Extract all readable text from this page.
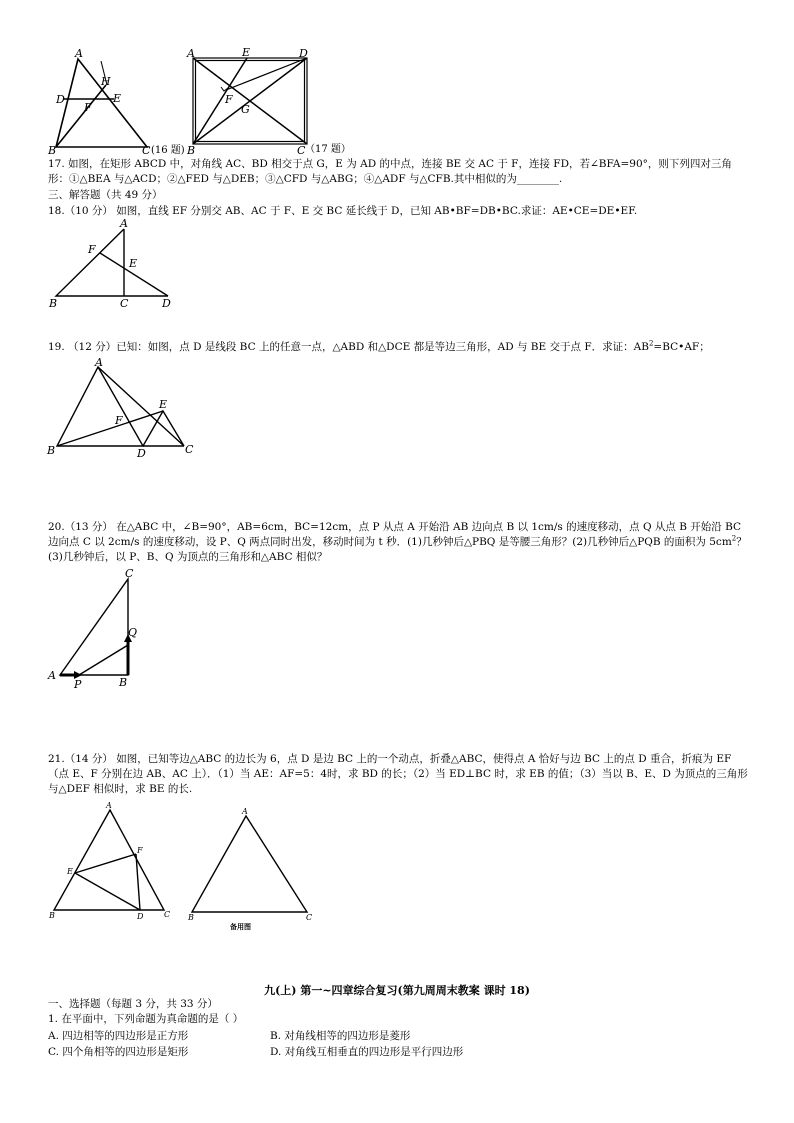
A
H
D	E
F
B	C (16 题)
A	E	D
F
G
B	C （17 题）

17. 如图，在矩形 ABCD 中，对角线 AC、BD 相交于点 G，E 为 AD 的中点，连接 BE 交 AC 于 F，连接 FD，若∠BFA=90°，则下列四对三角形：①△BEA 与△ACD；②△FED 与△DEB；③△CFD 与△ABG；④△ADF 与△CFB.其中相似的为________.

三、解答题（共 49 分）

18.（10 分） 如图，直线 EF 分别交 AB、AC 于 F、E 交 BC 延长线于 D，已知 AB•BF=DB•BC.求证：AE•CE=DE•EF.

A
F
E
B	C	D

19. （12 分）已知：如图，点 D 是线段 BC 上的任意一点，△ABD 和△DCE 都是等边三角形，AD 与 BE 交于点 F．求证：$AB^2=BC•AF$；

A
E
F
B	D	C

20.（13 分） 在△ABC 中，∠B=90°，AB=6cm，BC=12cm，点 P 从点 A 开始沿 AB 边向点 B 以 1cm/s 的速度移动，点 Q 从点 B 开始沿 BC 边向点 C 以 2cm/s 的速度移动，设 P、Q 两点同时出发，移动时间为 t 秒．(1)几秒钟后△PBQ 是等腰三角形？(2)几秒钟后△PQB 的面积为 $5cm^2$？(3)几秒钟后，以 P、B、Q 为顶点的三角形和△ABC 相似？

C
Q
A
P	B

21.（14 分） 如图，已知等边△ABC 的边长为 6，点 D 是边 BC 上的一个动点，折叠△ABC，使得点 A 恰好与边 BC 上的点 D 重合，折痕为 EF（点 E、F 分别在边 AB、AC 上）．（1）当 AE：AF=5：4时，求 BD 的长；（2）当 ED⊥BC 时，求 EB 的值；（3）当以 B、E、D 为顶点的三角形与△DEF 相似时，求 BE 的长.

A
F
E
B	D	C
A
B	C
备用图
九(上) 第一~四章综合复习(第九周周末教案 课时 18)

一、选择题（每题 3 分，共 33 分）

1. 在平面中，下列命题为真命题的是（ ）

A. 四边相等的四边形是正方形	B. 对角线相等的四边形是菱形
C. 四个角相等的四边形是矩形	D. 对角线互相垂直的四边形是平行四边形
